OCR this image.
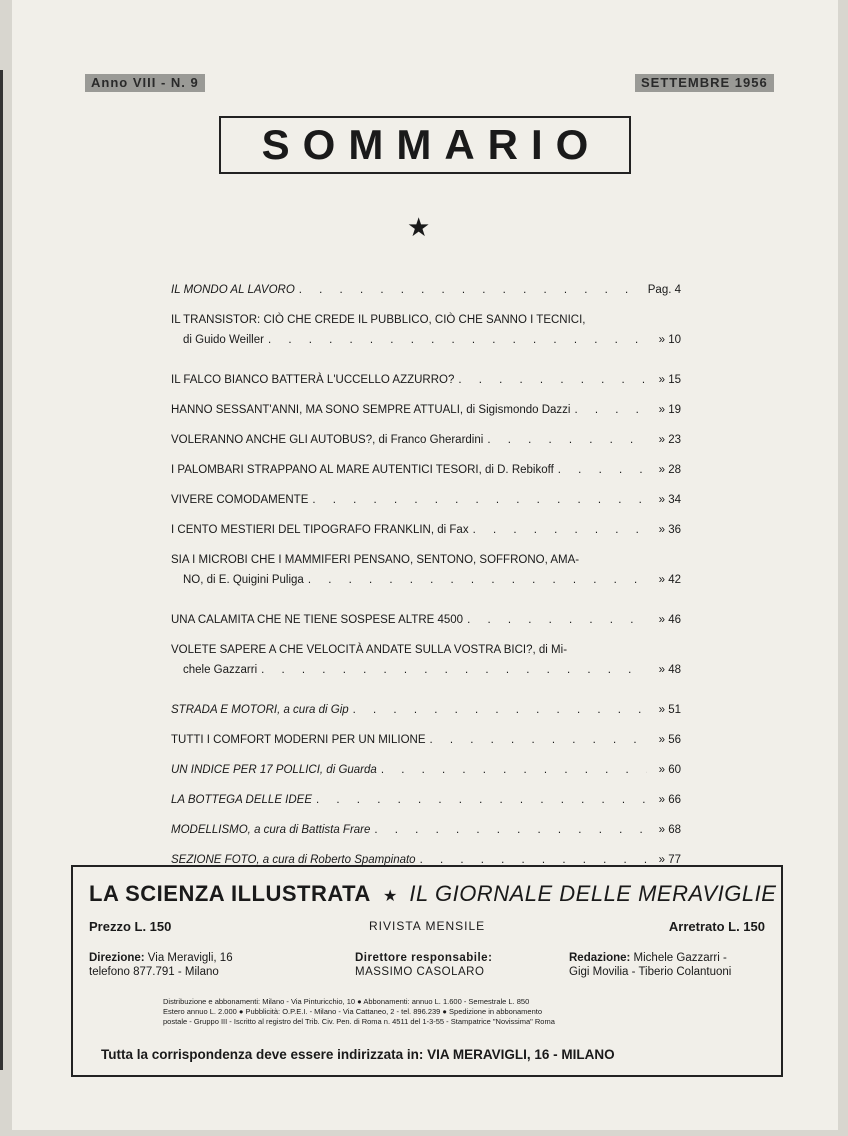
Anno VIII - N. 9	SETTEMBRE 1956
SOMMARIO
★
IL MONDO AL LAVORO . . .	Pag. 4
IL TRANSISTOR: CIÒ CHE CREDE IL PUBBLICO, CIÒ CHE SANNO I TECNICI,
di Guido Weiller . . .	» 10
IL FALCO BIANCO BATTERÀ L'UCCELLO AZZURRO? . . .	» 15
HANNO SESSANT'ANNI, MA SONO SEMPRE ATTUALI, di Sigismondo Dazzi . . .	» 19
VOLERANNO ANCHE GLI AUTOBUS?, di Franco Gherardini . . .	» 23
I PALOMBARI STRAPPANO AL MARE AUTENTICI TESORI, di D. Rebikoff . . .	» 28
VIVERE COMODAMENTE . . .	» 34
I CENTO MESTIERI DEL TIPOGRAFO FRANKLIN, di Fax . . .	» 36
SIA I MICROBI CHE I MAMMIFERI PENSANO, SENTONO, SOFFRONO, AMA-
NO, di E. Quigini Puliga . . .	» 42
UNA CALAMITA CHE NE TIENE SOSPESE ALTRE 4500 . . .	» 46
VOLETE SAPERE A CHE VELOCITÀ ANDATE SULLA VOSTRA BICI?, di Mi-
chele Gazzarri . . .	» 48
STRADA E MOTORI, a cura di Gip . . .	» 51
TUTTI I COMFORT MODERNI PER UN MILIONE . . .	» 56
UN INDICE PER 17 POLLICI, di Guarda . . .	» 60
LA BOTTEGA DELLE IDEE . . .	» 66
MODELLISMO, a cura di Battista Frare . . .	» 68
SEZIONE FOTO, a cura di Roberto Spampinato . . .	» 77
LA SCIENZA ILLUSTRATA ★ IL GIORNALE DELLE MERAVIGLIE
Prezzo L. 150	RIVISTA MENSILE	Arretrato L. 150
Direzione: Via Meravigli, 16
telefono 877.791 - Milano
Direttore responsabile:
MASSIMO CASOLARO
Redazione: Michele Gazzarri -
Gigi Movilia - Tiberio Colantuoni
Distribuzione e abbonamenti: Milano - Via Pinturicchio, 10 ● Abbonamenti: annuo L. 1.600 - Semestrale L. 850
Estero annuo L. 2.000 ● Pubblicità: O.P.E.I. - Milano - Via Cattaneo, 2 - tel. 896.239 ● Spedizione in abbonamento
postale - Gruppo III - Iscritto al registro del Trib. Civ. Pen. di Roma n. 4511 del 1-3-55 - Stampatrice "Novissima" Roma
Tutta la corrispondenza deve essere indirizzata in: VIA MERAVIGLI, 16 - MILANO
